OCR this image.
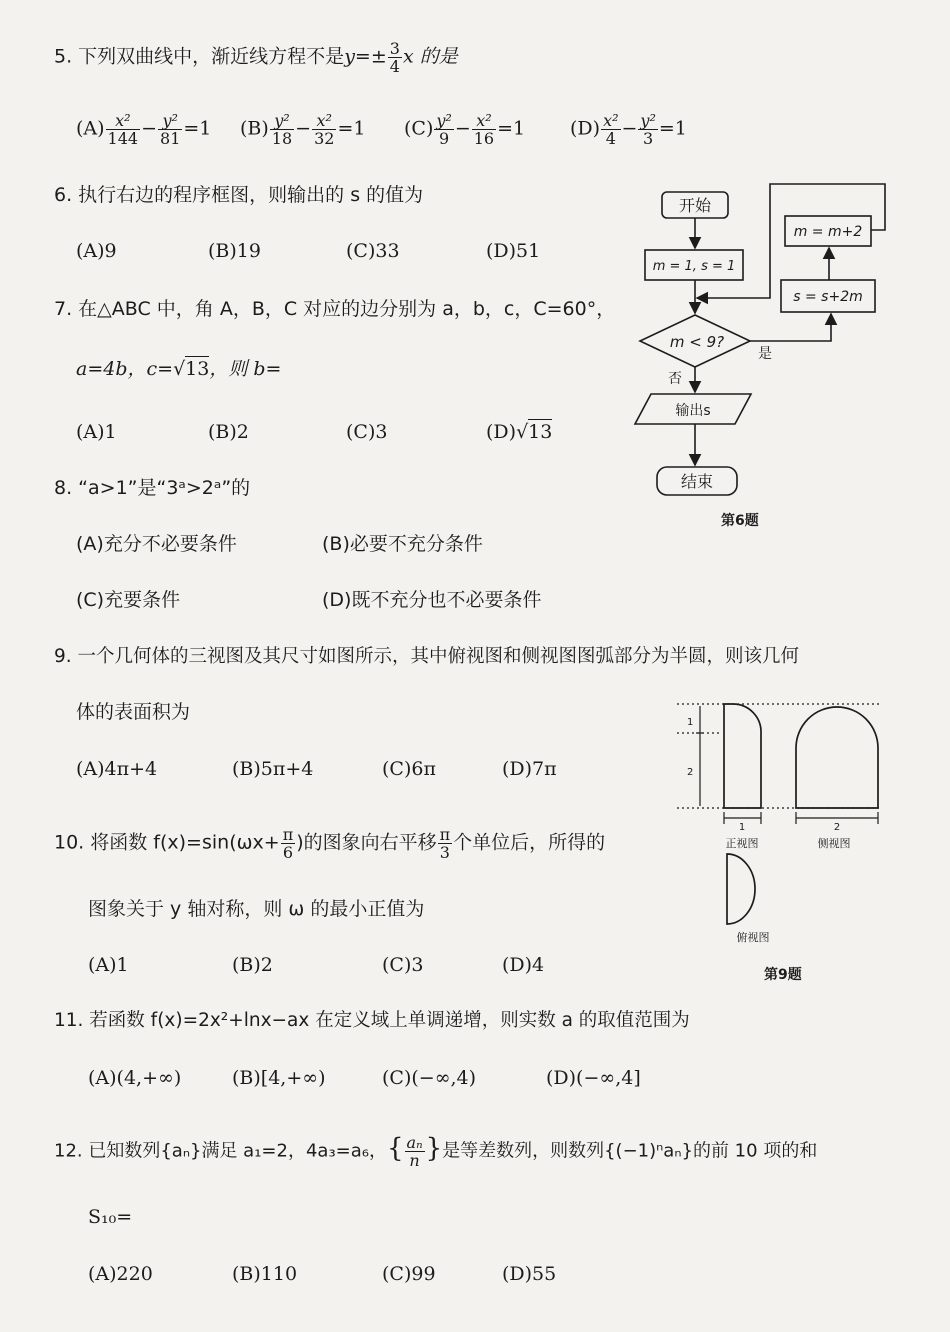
5. 下列双曲线中，渐近线方程不是$y=\pm \frac{3}{4}$ x 的是
$(A) \frac{\text{x²}}{144} - \frac{\text{y²}}{81} =1$ $(B) \frac{\text{y²}}{18} - \frac{\text{x²}}{32} =1$ $(C) \frac{\text{y²}}{9} - \frac{\text{x²}}{16} =1$ $(D) \frac{\text{x²}}{4} - \frac{\text{y²}}{3} =1$
6. 执行右边的程序框图，则输出的 s 的值为
(A)9	(B)19	(C)33	(D)51
7. 在△ABC 中，角 A，B，C 对应的边分别为 a，b，c，C=60°，
a=4b，c=√13，则 b=
(A)1	(B)2	(C)3	(D)√13
8. “a>1”是“3ᵃ>2ᵃ”的
(A)充分不必要条件	(B)必要不充分条件
(C)充要条件	(D)既不充分也不必要条件
9. 一个几何体的三视图及其尺寸如图所示，其中俯视图和侧视图图弧部分为半圆，则该几何
体的表面积为
(A)4π+4	(B)5π+4	(C)6π	(D)7π
10. 将函数 $f(x)=\sin(\omega x+ \frac{\pi}{6}$ )的图象向右平移 $\frac{\pi}{3}$ 个单位后，所得的
图象关于 y 轴对称，则 ω 的最小正值为
(A)1	(B)2	(C)3	(D)4
11. 若函数 f(x)=2x²+lnx−ax 在定义域上单调递增，则实数 a 的取值范围为
(A)(4,+∞)	(B)[4,+∞)	(C)(−∞,4)	(D)(−∞,4]
12. 已知数列{aₙ}满足 a₁=2，4a₃=a₆，{ $\frac{\text{aₙ}}{n}$ }是等差数列，则数列{(−1)ⁿaₙ}的前 10 项的和
S₁₀=
(A)220	(B)110	(C)99	(D)55
开始
m = 1, s = 1
m < 9?
是
否
输出s
结束
s = s+2m
m = m+2
第6题
1
2
1	2
正视图	侧视图
俯视图
第9题
